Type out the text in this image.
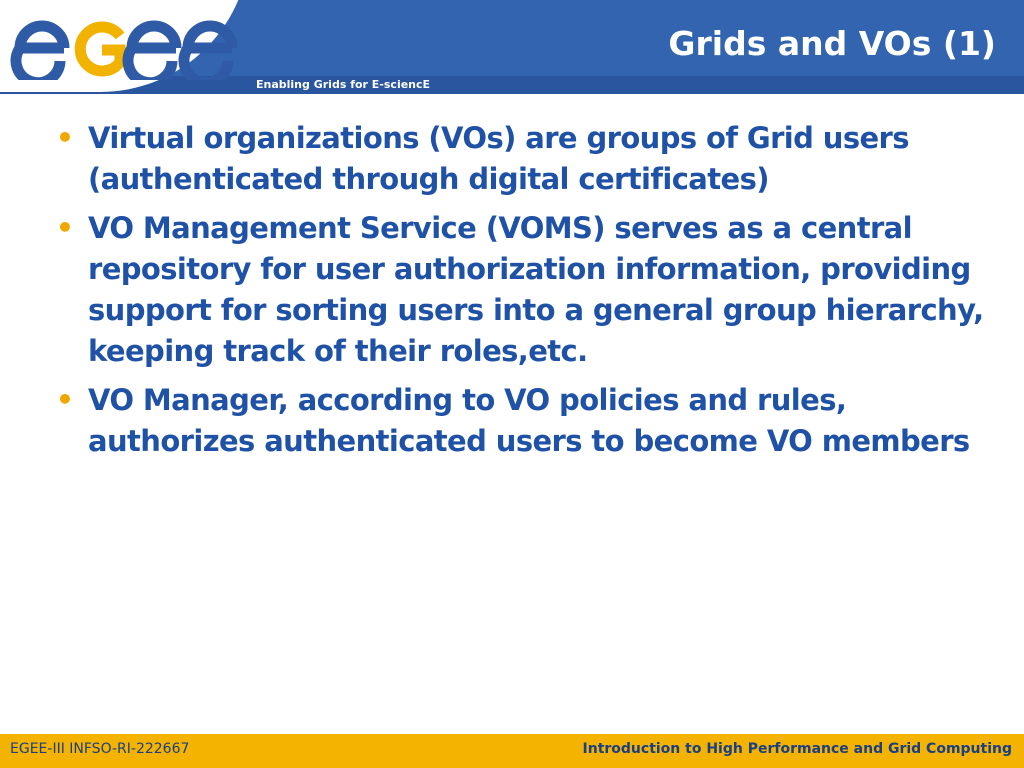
Enabling Grids for E-sciencE
Grids and VOs (1)
• Virtual organizations (VOs) are groups of Grid users (authenticated through digital certificates)
• VO Management Service (VOMS) serves as a central repository for user authorization information, providing support for sorting users into a general group hierarchy, keeping track of their roles,etc.
• VO Manager, according to VO policies and rules, authorizes authenticated users to become VO members
EGEE-III INFSO-RI-222667	Introduction to High Performance and Grid Computing
